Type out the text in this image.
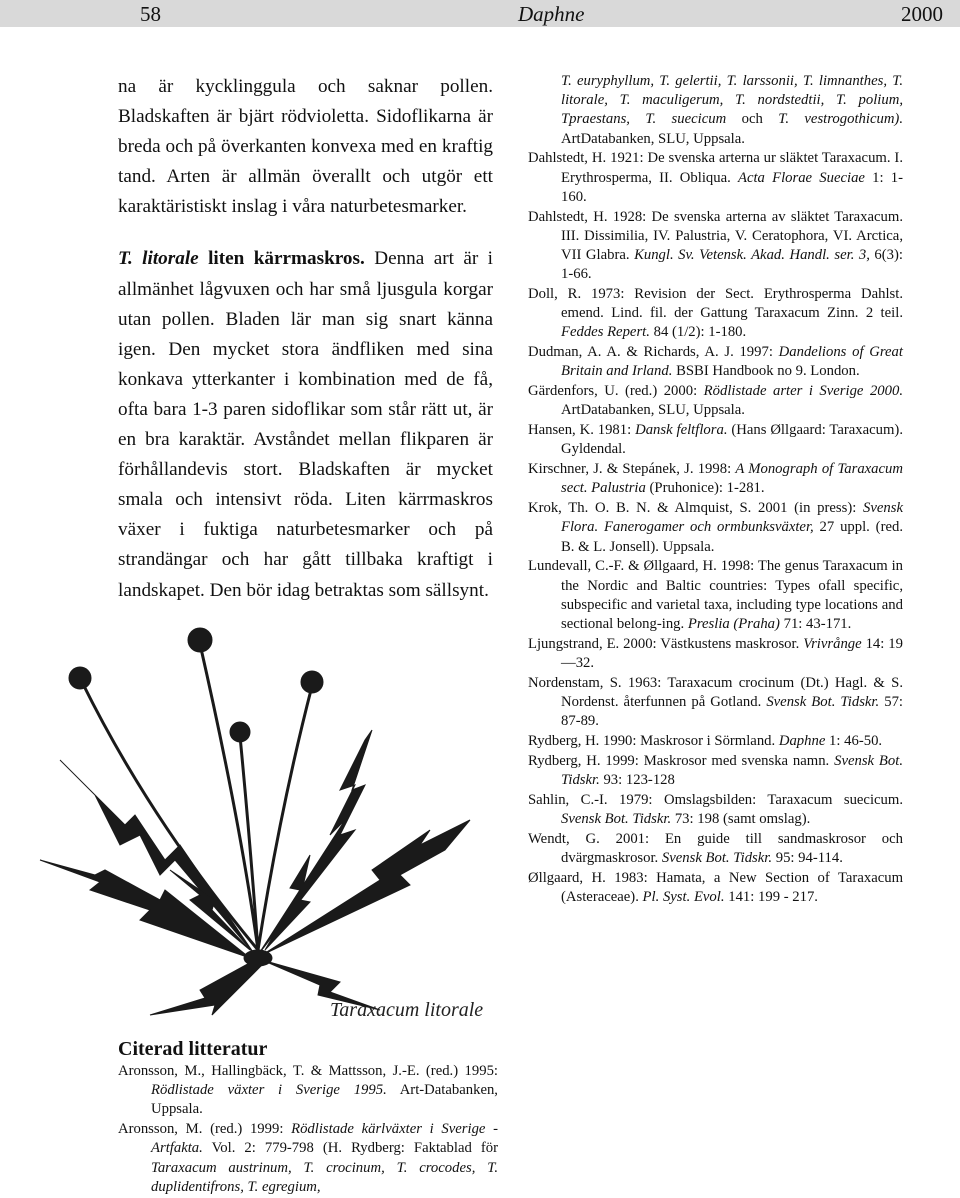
58	Daphne	2000

na är kycklinggula och saknar pollen. Bladskaften är bjärt rödvioletta. Sidoflikarna är breda och på överkanten konvexa med en kraftig tand. Arten är allmän överallt och utgör ett karaktäristiskt inslag i våra naturbetesmarker.

T. litorale liten kärrmaskros. Denna art är i allmänhet lågvuxen och har små ljusgula korgar utan pollen. Bladen lär man sig snart känna igen. Den mycket stora ändfliken med sina konkava ytterkanter i kombination med de få, ofta bara 1-3 paren sidoflikar som står rätt ut, är en bra karaktär. Avståndet mellan flikparen är förhållandevis stort. Bladskaften är mycket smala och intensivt röda. Liten kärrmaskros växer i fuktiga naturbetesmarker och på strandängar och har gått tillbaka kraftigt i landskapet. Den bör idag betraktas som sällsynt.

Taraxacum litorale
Citerad litteratur
Aronsson, M., Hallingbäck, T. & Mattsson, J.-E. (red.) 1995: Rödlistade växter i Sverige 1995. Art-Databanken, Uppsala.
Aronsson, M. (red.) 1999: Rödlistade kärlväxter i Sverige - Artfakta. Vol. 2: 779-798 (H. Rydberg: Faktablad för Taraxacum austrinum, T. crocinum, T. crocodes, T. duplidentifrons, T. egregium,
T. euryphyllum, T. gelertii, T. larssonii, T. limnanthes, T. litorale, T. maculigerum, T. nordstedtii, T. polium, Tpraestans, T. suecicum och T. vestrogothicum). ArtDatabanken, SLU, Uppsala.
Dahlstedt, H. 1921: De svenska arterna ur släktet Taraxacum. I. Erythrosperma, II. Obliqua. Acta Florae Sueciae 1: 1-160.
Dahlstedt, H. 1928: De svenska arterna av släktet Taraxacum. III. Dissimilia, IV. Palustria, V. Ceratophora, VI. Arctica, VII Glabra. Kungl. Sv. Vetensk. Akad. Handl. ser. 3, 6(3): 1-66.
Doll, R. 1973: Revision der Sect. Erythrosperma Dahlst. emend. Lind. fil. der Gattung Taraxacum Zinn. 2 teil. Feddes Repert. 84 (1/2): 1-180.
Dudman, A. A. & Richards, A. J. 1997: Dandelions of Great Britain and Irland. BSBI Handbook no 9. London.
Gärdenfors, U. (red.) 2000: Rödlistade arter i Sverige 2000. ArtDatabanken, SLU, Uppsala.
Hansen, K. 1981: Dansk feltflora. (Hans Øllgaard: Taraxacum). Gyldendal.
Kirschner, J. & Stepánek, J. 1998: A Monograph of Taraxacum sect. Palustria (Pruhonice): 1-281.
Krok, Th. O. B. N. & Almquist, S. 2001 (in press): Svensk Flora. Fanerogamer och ormbunksväxter, 27 uppl. (red. B. & L. Jonsell). Uppsala.
Lundevall, C.-F. & Øllgaard, H. 1998: The genus Taraxacum in the Nordic and Baltic countries: Types ofall specific, subspecific and varietal taxa, including type locations and sectional belong-ing. Preslia (Praha) 71: 43-171.
Ljungstrand, E. 2000: Västkustens maskrosor. Vrivrånge 14: 19—32.
Nordenstam, S. 1963: Taraxacum crocinum (Dt.) Hagl. & S. Nordenst. återfunnen på Gotland. Svensk Bot. Tidskr. 57: 87-89.
Rydberg, H. 1990: Maskrosor i Sörmland. Daphne 1: 46-50.
Rydberg, H. 1999: Maskrosor med svenska namn. Svensk Bot. Tidskr. 93: 123-128
Sahlin, C.-I. 1979: Omslagsbilden: Taraxacum suecicum. Svensk Bot. Tidskr. 73: 198 (samt omslag).
Wendt, G. 2001: En guide till sandmaskrosor och dvärgmaskrosor. Svensk Bot. Tidskr. 95: 94-114.
Øllgaard, H. 1983: Hamata, a New Section of Taraxacum (Asteraceae). Pl. Syst. Evol. 141: 199 - 217.
